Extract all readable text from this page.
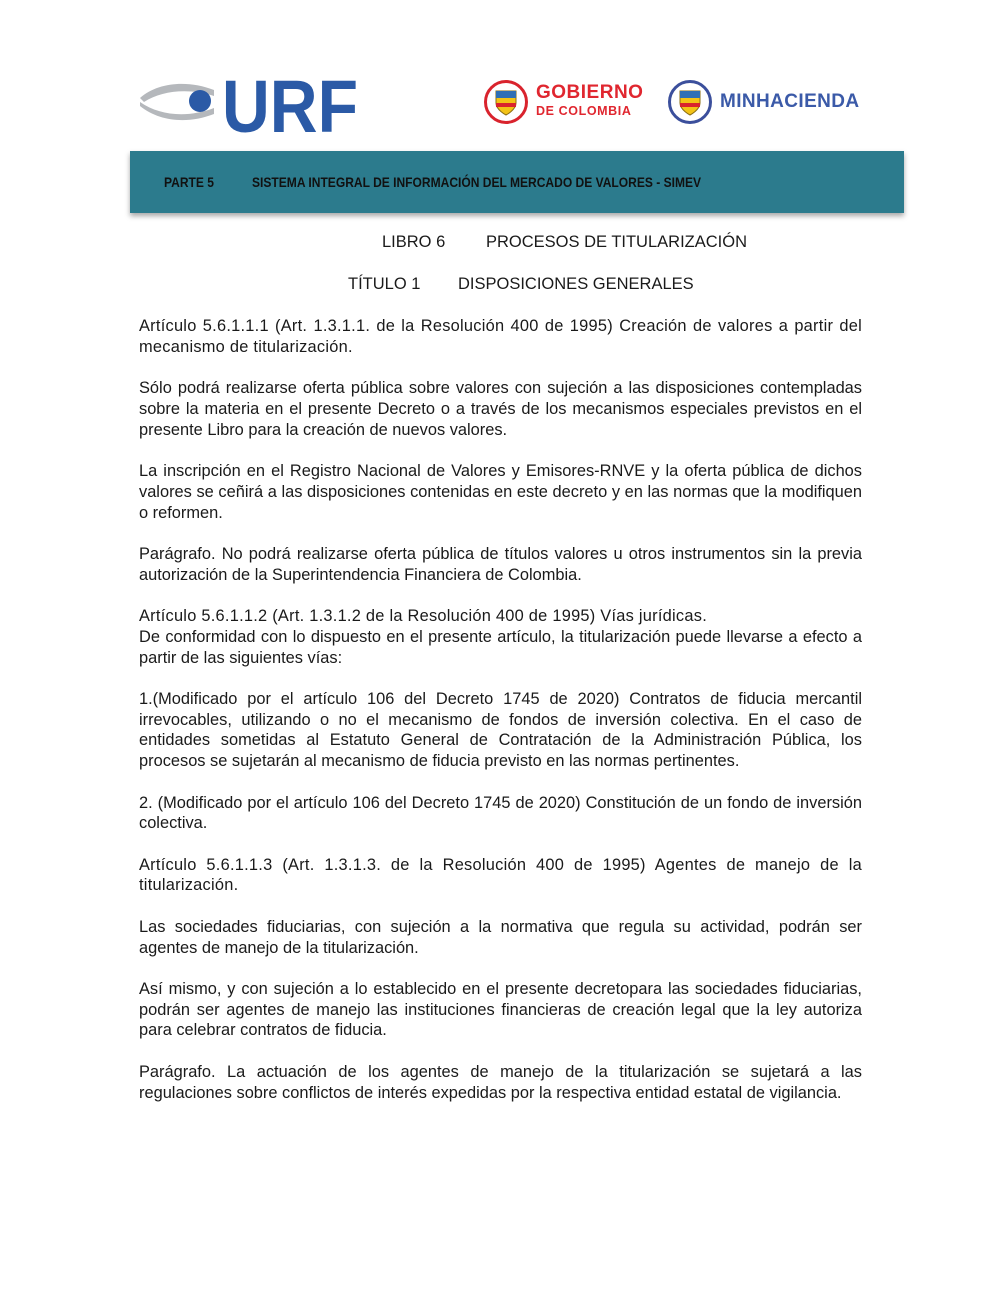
URF	GOBIERNO
DE COLOMBIA	MINHACIENDA
PARTE 5	SISTEMA INTEGRAL DE INFORMACIÓN DEL MERCADO DE VALORES - SIMEV
LIBRO 6 PROCESOS DE TITULARIZACIÓN
TÍTULO 1 DISPOSICIONES GENERALES

Artículo 5.6.1.1.1 (Art. 1.3.1.1. de la Resolución 400 de 1995) Creación de valores a partir del mecanismo de titularización.

Sólo podrá realizarse oferta pública sobre valores con sujeción a las disposiciones contempladas sobre la materia en el presente Decreto o a través de los mecanismos especiales previstos en el presente Libro para la creación de nuevos valores.

La inscripción en el Registro Nacional de Valores y Emisores-RNVE y la oferta pública de dichos valores se ceñirá a las disposiciones contenidas en este decreto y en las normas que la modifiquen o reformen.

Parágrafo. No podrá realizarse oferta pública de títulos valores u otros instrumentos sin la previa autorización de la Superintendencia Financiera de Colombia.

Artículo 5.6.1.1.2 (Art. 1.3.1.2 de la Resolución 400 de 1995) Vías jurídicas.

De conformidad con lo dispuesto en el presente artículo, la titularización puede llevarse a efecto a partir de las siguientes vías:

1.(Modificado por el artículo 106 del Decreto 1745 de 2020) Contratos de fiducia mercantil irrevocables, utilizando o no el mecanismo de fondos de inversión colectiva. En el caso de entidades sometidas al Estatuto General de Contratación de la Administración Pública, los procesos se sujetarán al mecanismo de fiducia previsto en las normas pertinentes.

2. (Modificado por el artículo 106 del Decreto 1745 de 2020) Constitución de un fondo de inversión colectiva.

Artículo 5.6.1.1.3 (Art. 1.3.1.3. de la Resolución 400 de 1995) Agentes de manejo de la titularización.

Las sociedades fiduciarias, con sujeción a la normativa que regula su actividad, podrán ser agentes de manejo de la titularización.

Así mismo, y con sujeción a lo establecido en el presente decretopara las sociedades fiduciarias, podrán ser agentes de manejo las instituciones financieras de creación legal que la ley autoriza para celebrar contratos de fiducia.

Parágrafo. La actuación de los agentes de manejo de la titularización se sujetará a las regulaciones sobre conflictos de interés expedidas por la respectiva entidad estatal de vigilancia.
